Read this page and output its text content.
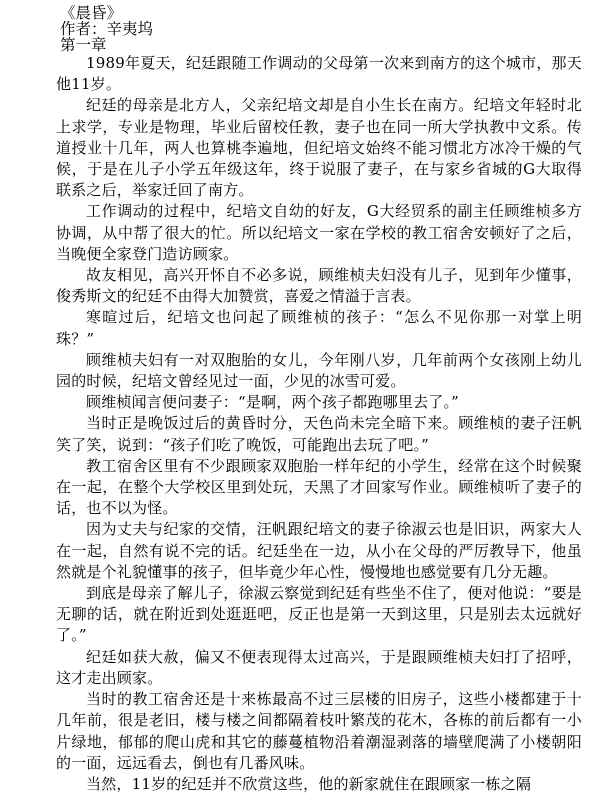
《晨昏》
作者：辛夷坞
第一章

1989年夏天，纪廷跟随工作调动的父母第一次来到南方的这个城市，那天他11岁。

纪廷的母亲是北方人，父亲纪培文却是自小生长在南方。纪培文年轻时北上求学，专业是物理，毕业后留校任教，妻子也在同一所大学执教中文系。传道授业十几年，两人也算桃李遍地，但纪培文始终不能习惯北方冰冷干燥的气候，于是在儿子小学五年级这年，终于说服了妻子，在与家乡省城的G大取得联系之后，举家迁回了南方。

工作调动的过程中，纪培文自幼的好友，G大经贸系的副主任顾维桢多方协调，从中帮了很大的忙。所以纪培文一家在学校的教工宿舍安顿好了之后，当晚便全家登门造访顾家。

故友相见，高兴开怀自不必多说，顾维桢夫妇没有儿子，见到年少懂事，俊秀斯文的纪廷不由得大加赞赏，喜爱之情溢于言表。

寒暄过后，纪培文也问起了顾维桢的孩子：“怎么不见你那一对掌上明珠？”

顾维桢夫妇有一对双胞胎的女儿，今年刚八岁，几年前两个女孩刚上幼儿园的时候，纪培文曾经见过一面，少见的冰雪可爱。

顾维桢闻言便问妻子：“是啊，两个孩子都跑哪里去了。”

当时正是晚饭过后的黄昏时分，天色尚未完全暗下来。顾维桢的妻子汪帆笑了笑，说到：“孩子们吃了晚饭，可能跑出去玩了吧。”

教工宿舍区里有不少跟顾家双胞胎一样年纪的小学生，经常在这个时候聚在一起，在整个大学校区里到处玩，天黑了才回家写作业。顾维桢听了妻子的话，也不以为怪。

因为丈夫与纪家的交情，汪帆跟纪培文的妻子徐淑云也是旧识，两家大人在一起，自然有说不完的话。纪廷坐在一边，从小在父母的严厉教导下，他虽然就是个礼貌懂事的孩子，但毕竟少年心性，慢慢地也感觉要有几分无趣。

到底是母亲了解儿子，徐淑云察觉到纪廷有些坐不住了，便对他说：“要是无聊的话，就在附近到处逛逛吧，反正也是第一天到这里，只是别去太远就好了。”

纪廷如获大赦，偏又不便表现得太过高兴，于是跟顾维桢夫妇打了招呼，这才走出顾家。

当时的教工宿舍还是十来栋最高不过三层楼的旧房子，这些小楼都建于十几年前，很是老旧，楼与楼之间都隔着枝叶繁茂的花木，各栋的前后都有一小片绿地，郁郁的爬山虎和其它的藤蔓植物沿着潮湿剥落的墙壁爬满了小楼朝阳的一面，远远看去，倒也有几番风味。

当然，11岁的纪廷并不欣赏这些，他的新家就住在跟顾家一栋之隔
